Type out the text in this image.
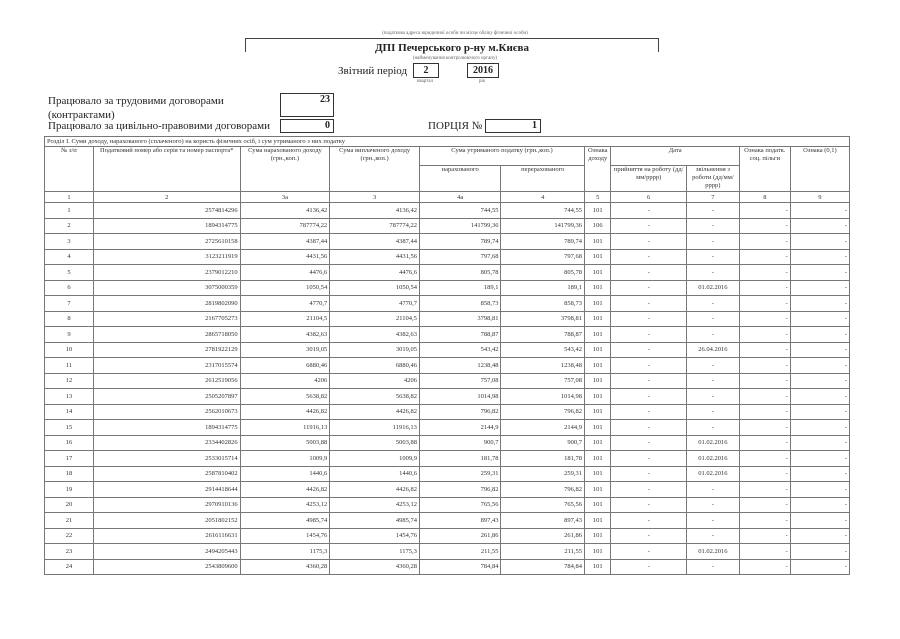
(податкова адреса юридичної особи чи місце обліку фізичної особи)
ДПІ Печерського р-ну м.Києва
(найменування контролюючого органу)
Звітний період	2	2016
квартал	рік
Працювало за трудовими договорами (контрактами)
23
Працювало за цивільно-правовими договорами	0	ПОРЦІЯ №	1
Розділ І. Суми доходу, нарахованого (сплаченого) на користь фізичних осіб, і сум утриманого з них податку										
№ з/п	Податковий номер або серія та номер паспорта*	Сума нарахованого доходу (грн.,коп.)	Сума виплаченого доходу (грн.,коп.)	Сума утриманого податку (грн.,коп.)		Ознака доходу	Дата		Ознака податк. соц. пільги	Ознака (0,1)
				нарахованого	перерахованого		прийняття на роботу (дд/мм/рррр)	звільнення з роботи (дд/мм/рррр)		
1	2	3а	3	4а	4	5	6	7	8	9
1	2574814296	4136,42	4136,42	744,55	744,55	101	-	-	-	-
2	1894314775	787774,22	787774,22	141799,36	141799,36	106	-	-	-	-
3	2725610158	4387,44	4387,44	789,74	789,74	101	-	-	-	-
4	3123211919	4431,56	4431,56	797,68	797,68	101	-	-	-	-
5	2379012210	4476,6	4476,6	805,78	805,78	101	-	-	-	-
6	3075000359	1050,54	1050,54	189,1	189,1	101	-	01.02.2016	-	-
7	2819802090	4770,7	4770,7	858,73	858,73	101	-	-	-	-
8	2167705273	21104,5	21104,5	3798,81	3798,81	101	-	-	-	-
9	2865718050	4382,63	4382,63	788,87	788,87	101	-	-	-	-
10	2781922129	3019,05	3019,05	543,42	543,42	101	-	26.04.2016	-	-
11	2317015574	6880,46	6880,46	1238,48	1238,48	101	-	-	-	-
12	2612519056	4206	4206	757,08	757,08	101	-	-	-	-
13	2505207897	5638,82	5638,82	1014,98	1014,98	101	-	-	-	-
14	2562010673	4426,82	4426,82	796,82	796,82	101	-	-	-	-
15	1894314775	11916,13	11916,13	2144,9	2144,9	101	-	-	-	-
16	2334402826	5003,88	5003,88	900,7	900,7	101	-	01.02.2016	-	-
17	2533015714	1009,9	1009,9	181,78	181,78	101	-	01.02.2016	-	-
18	2587810402	1440,6	1440,6	259,31	259,31	101	-	01.02.2016	-	-
19	2914418644	4426,82	4426,82	796,82	796,82	101	-	-	-	-
20	2970910136	4253,12	4253,12	765,56	765,56	101	-	-	-	-
21	2051802152	4985,74	4985,74	897,43	897,43	101	-	-	-	-
22	2616116631	1454,76	1454,76	261,86	261,86	101	-	-	-	-
23	2494205443	1175,3	1175,3	211,55	211,55	101	-	01.02.2016	-	-
24	2543809600	4360,28	4360,28	784,84	784,84	101	-	-	-	-
